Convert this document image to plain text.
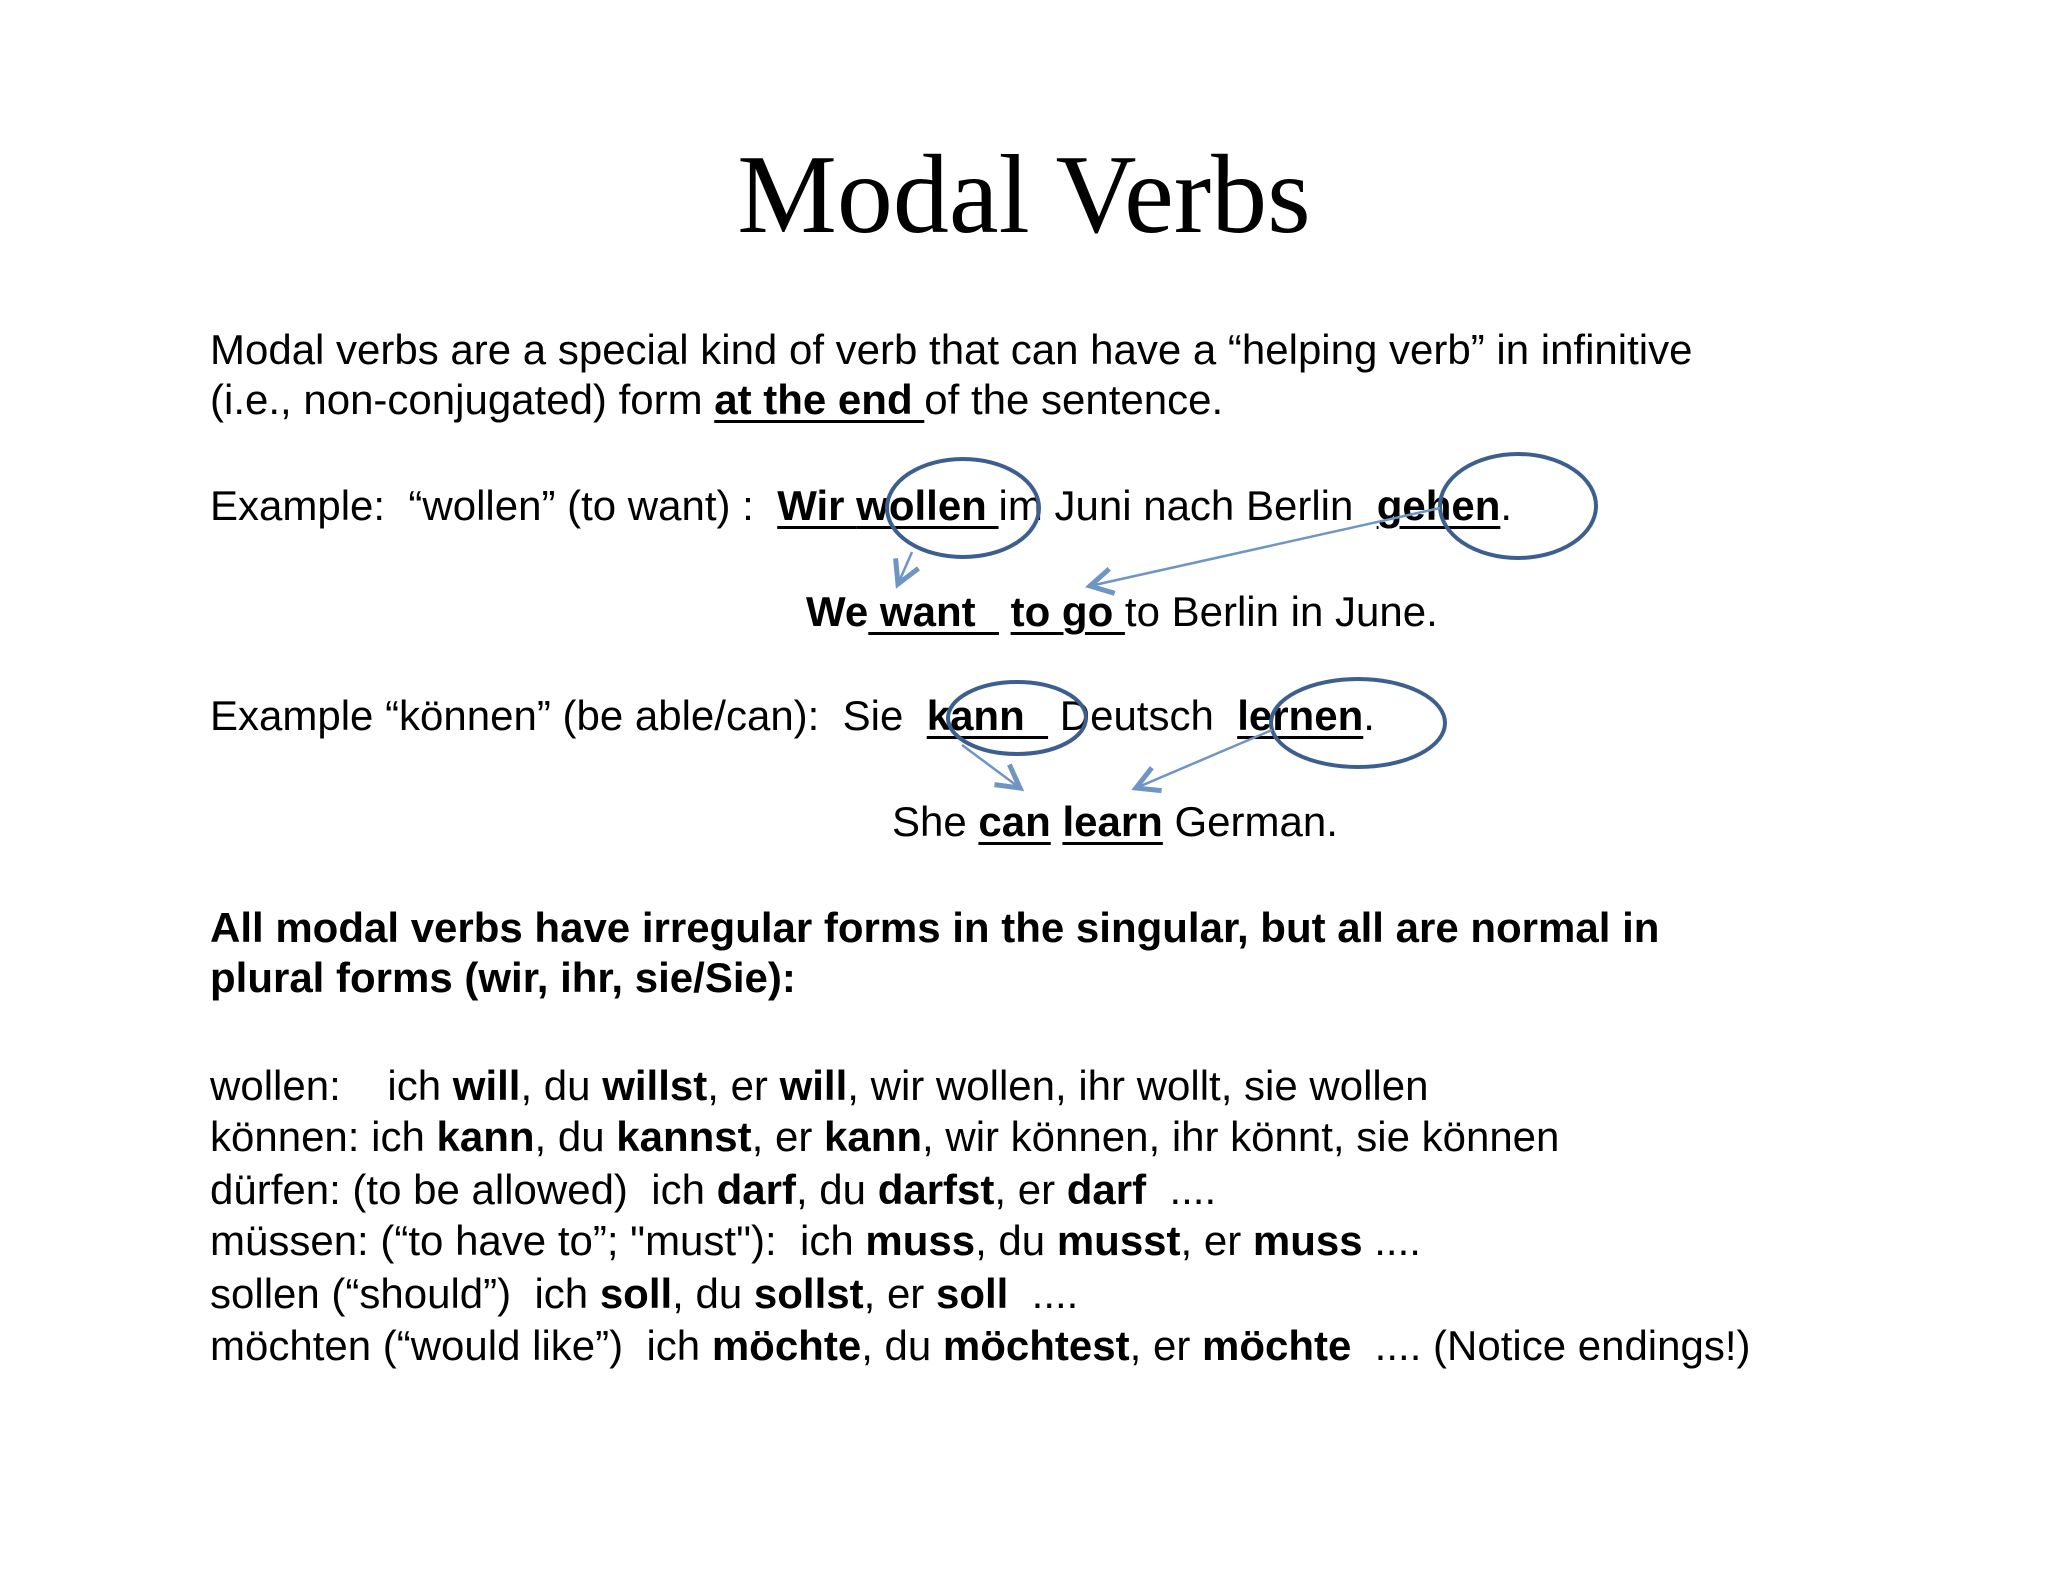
Modal Verbs
Modal verbs are a special kind of verb that can have a “helping verb” in infinitive
(i.e., non-conjugated) form at the end of the sentence.
Example:  “wollen” (to want) :  Wir wollen im Juni nach Berlin  gehen.
We want   to go to Berlin in June.
Example “können” (be able/can):  Sie  kann   Deutsch  lernen.
She can learn German.
All modal verbs have irregular forms in the singular, but all are normal in
plural forms (wir, ihr, sie/Sie):
wollen:    ich will, du willst, er will, wir wollen, ihr wollt, sie wollen
können: ich kann, du kannst, er kann, wir können, ihr könnt, sie können
dürfen: (to be allowed)  ich darf, du darfst, er darf  ....
müssen: (“to have to”; "must"):  ich muss, du musst, er muss ....
sollen (“should”)  ich soll, du sollst, er soll  ....
möchten (“would like”)  ich möchte, du möchtest, er möchte  .... (Notice endings!)
